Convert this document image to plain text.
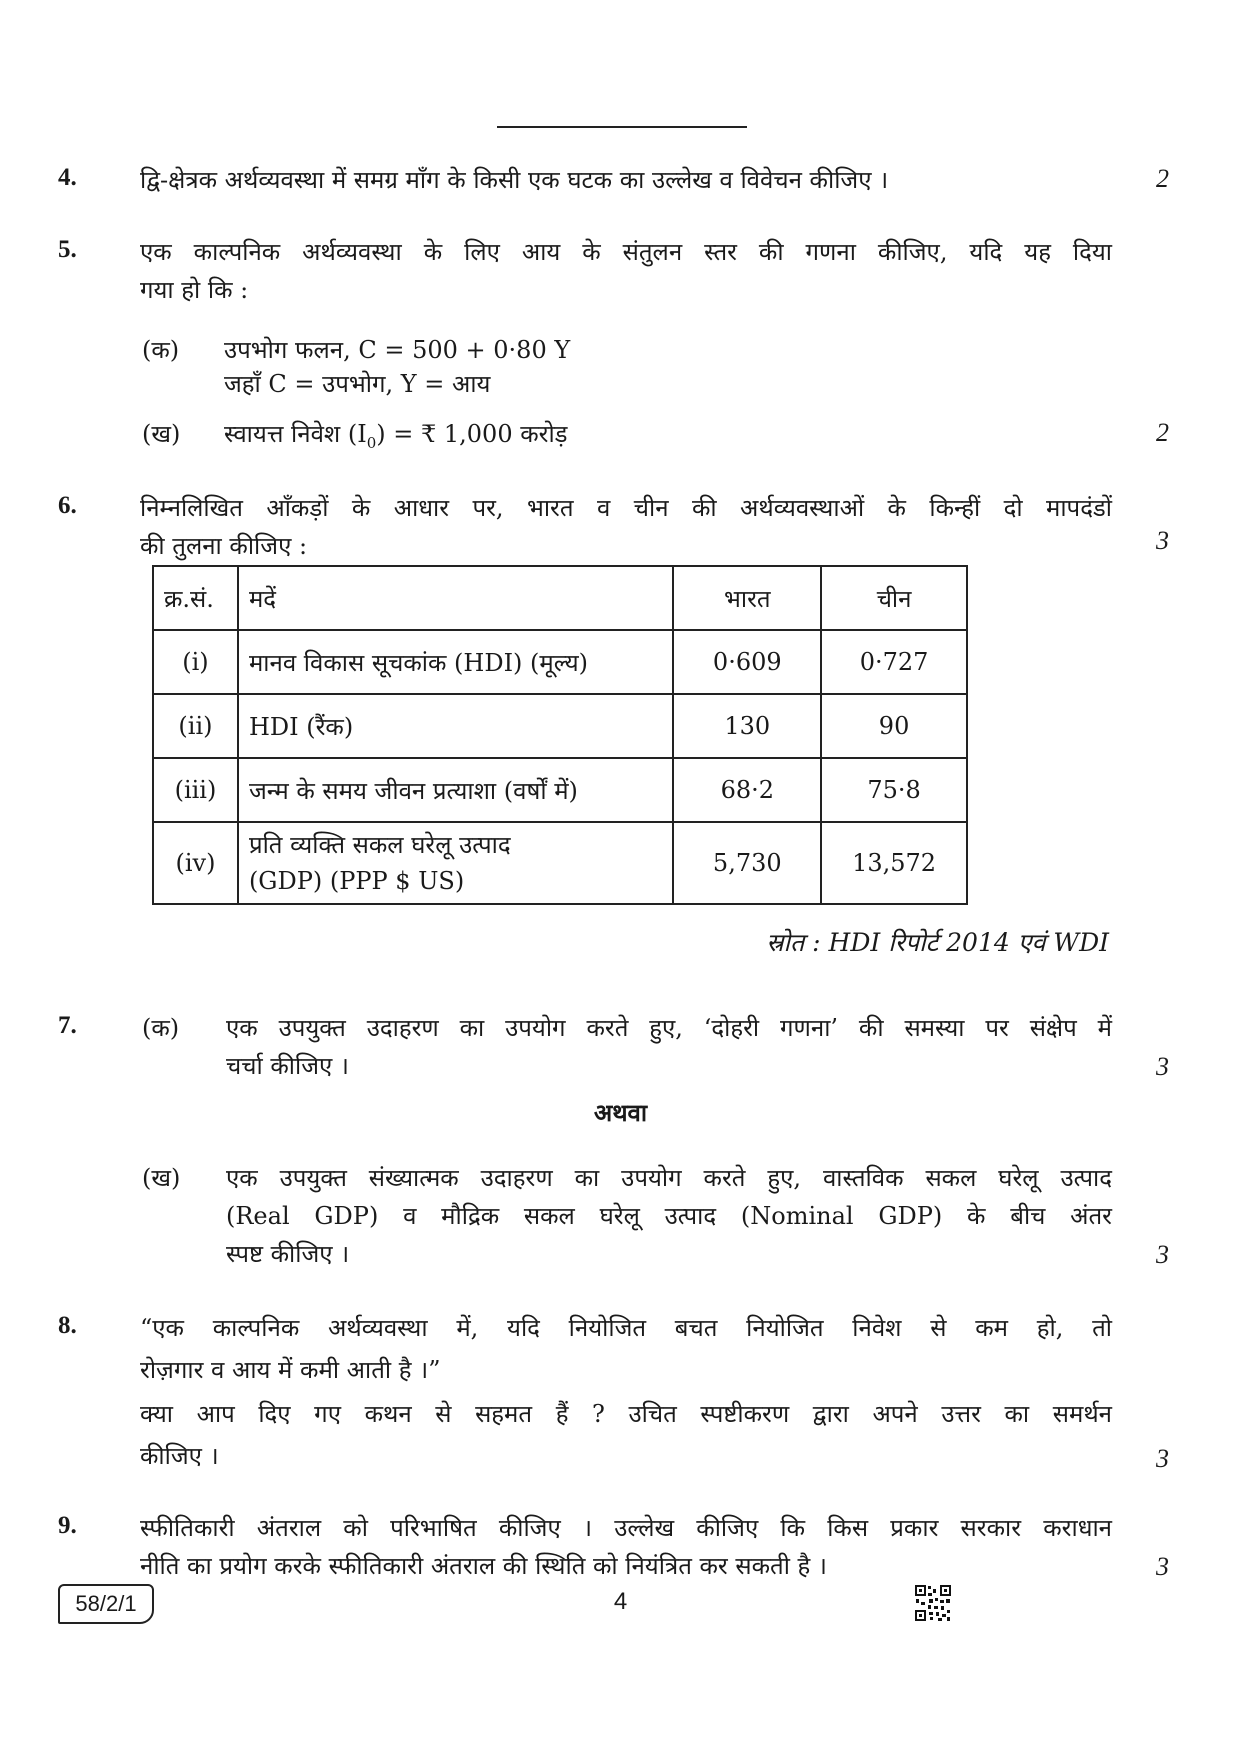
4.	द्वि-क्षेत्रक अर्थव्यवस्था में समग्र माँग के किसी एक घटक का उल्लेख व विवेचन कीजिए ।	2
5.	एक काल्पनिक अर्थव्यवस्था के लिए आय के संतुलन स्तर की गणना कीजिए, यदि यह दिया
गया हो कि :
(क) उपभोग फलन, C = 500 + 0·80 Y
जहाँ C = उपभोग, Y = आय
(ख) स्वायत्त निवेश $(I_0)$ = ₹ 1,000 करोड़	2
6.	निम्नलिखित आँकड़ों के आधार पर, भारत व चीन की अर्थव्यवस्थाओं के किन्हीं दो मापदंडों
की तुलना कीजिए :	3
क्र.सं.	मदें	भारत	चीन
(i)	मानव विकास सूचकांक (HDI) (मूल्य)	0·609	0·727
(ii)	HDI (रैंक)	130	90
(iii)	जन्म के समय जीवन प्रत्याशा (वर्षों में)	68·2	75·8
(iv)	प्रति व्यक्ति सकल घरेलू उत्पाद
(GDP) (PPP $ US)	5,730	13,572
स्रोत : HDI रिपोर्ट 2014 एवं WDI
7.	(क) एक उपयुक्त उदाहरण का उपयोग करते हुए, ‘दोहरी गणना’ की समस्या पर संक्षेप में
चर्चा कीजिए ।	3
अथवा
(ख) एक उपयुक्त संख्यात्मक उदाहरण का उपयोग करते हुए, वास्तविक सकल घरेलू उत्पाद
(Real GDP) व मौद्रिक सकल घरेलू उत्पाद (Nominal GDP) के बीच अंतर
स्पष्ट कीजिए ।	3
8.	“एक काल्पनिक अर्थव्यवस्था में, यदि नियोजित बचत नियोजित निवेश से कम हो, तो
रोज़गार व आय में कमी आती है ।”
क्या आप दिए गए कथन से सहमत हैं ? उचित स्पष्टीकरण द्वारा अपने उत्तर का समर्थन
कीजिए ।	3
9.	स्फीतिकारी अंतराल को परिभाषित कीजिए । उल्लेख कीजिए कि किस प्रकार सरकार कराधान
नीति का प्रयोग करके स्फीतिकारी अंतराल की स्थिति को नियंत्रित कर सकती है ।	3
58/2/1	4
